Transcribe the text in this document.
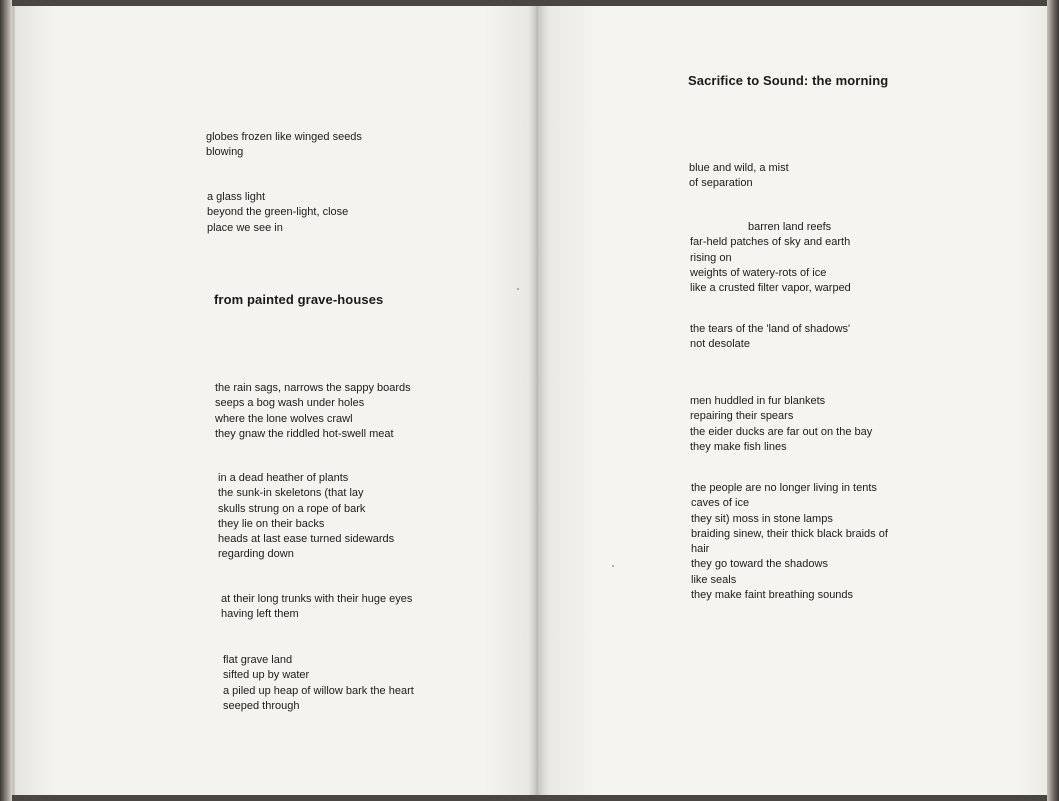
globes frozen like winged seeds
blowing
a glass light
beyond the green-light, close
place we see in
from painted grave-houses
the rain sags, narrows the sappy boards
seeps a bog wash under holes
where the lone wolves crawl
they gnaw the riddled hot-swell meat
in a dead heather of plants
the sunk-in skeletons (that lay
skulls strung on a rope of bark
they lie on their backs
heads at last ease turned sidewards
regarding down
at their long trunks with their huge eyes
having left them
flat grave land
sifted up by water
a piled up heap of willow bark the heart
seeped through
Sacrifice to Sound: the morning
blue and wild, a mist
of separation
barren land reefs
far-held patches of sky and earth
rising on
weights of watery-rots of ice
like a crusted filter vapor, warped
the tears of the 'land of shadows'
not desolate
men huddled in fur blankets
repairing their spears
the eider ducks are far out on the bay
they make fish lines
the people are no longer living in tents
caves of ice
they sit) moss in stone lamps
braiding sinew, their thick black braids of
hair
they go toward the shadows
like seals
they make faint breathing sounds
